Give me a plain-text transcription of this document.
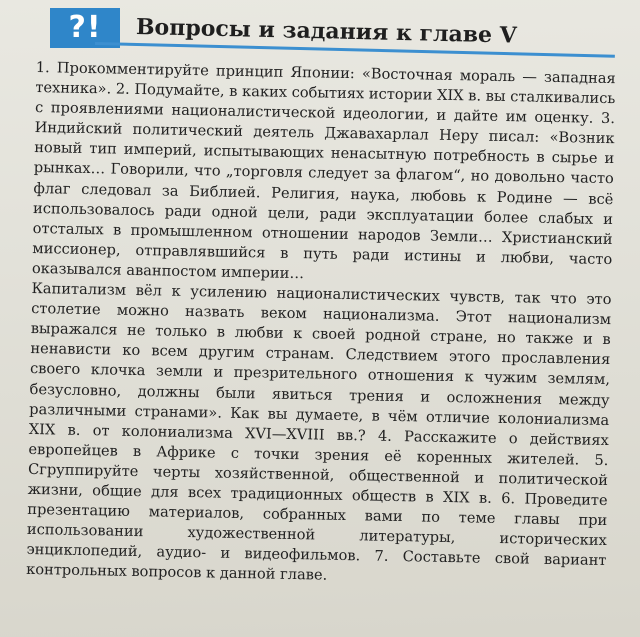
?!	Вопросы и задания к главе V

1. Прокомментируйте принцип Японии: «Восточная мораль — западная техника». 2. Подумайте, в каких событиях истории XIX в. вы сталкивались с проявлениями националистической идеологии, и дайте им оценку. 3. Индийский политический деятель Джавахарлал Неру писал: «Возник новый тип империй, испытывающих ненасытную потребность в сырье и рынках… Говорили, что „торговля следует за флагом“, но довольно часто флаг следовал за Библией. Религия, наука, любовь к Родине — всё использовалось ради одной цели, ради эксплуатации более слабых и отсталых в промышленном отношении народов Земли… Христианский миссионер, отправлявшийся в путь ради истины и любви, часто оказывался аванпостом империи…

Капитализм вёл к усилению националистических чувств, так что это столетие можно назвать веком национализма. Этот национализм выражался не только в любви к своей родной стране, но также и в ненависти ко всем другим странам. Следствием этого прославления своего клочка земли и презрительного отношения к чужим землям, безусловно, должны были явиться трения и осложнения между различными странами». Как вы думаете, в чём отличие колониализма XIX в. от колониализма XVI—XVIII вв.? 4. Расскажите о действиях европейцев в Африке с точки зрения её коренных жителей. 5. Сгруппируйте черты хозяйственной, общественной и политической жизни, общие для всех традиционных обществ в XIX в. 6. Проведите презентацию материалов, собранных вами по теме главы при использовании художественной литературы, исторических энциклопедий, аудио- и видеофильмов. 7. Составьте свой вариант контрольных вопросов к данной главе.
